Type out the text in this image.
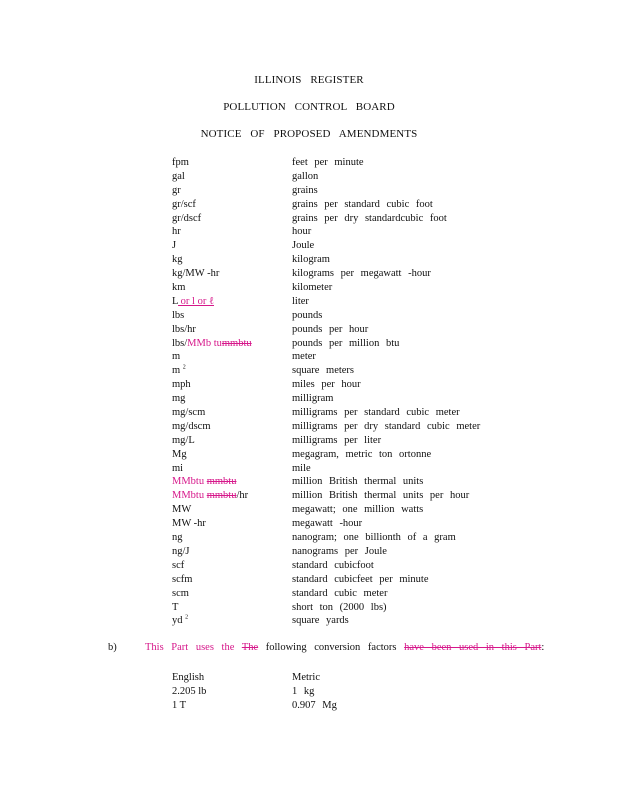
ILLINOIS REGISTER
POLLUTION CONTROL BOARD
NOTICE OF PROPOSED AMENDMENTS
fpm	feet per minute
gal	gallon
gr	grains
gr/scf	grains per standard cubic foot
gr/dscf	grains per dry standardcubic foot
hr	hour
J	Joule
kg	kilogram
kg/MW -hr	kilograms per megawatt -hour
km	kilometer
L or l or ℓ	liter
lbs	pounds
lbs/hr	pounds per hour
lbs/MMb tummbtu	pounds per million btu
m	meter
m $^2$	square meters
mph	miles per hour
mg	milligram
mg/scm	milligrams per standard cubic meter
mg/dscm	milligrams per dry standard cubic meter
mg/L	milligrams per liter
Mg	megagram, metric ton ortonne
mi	mile
MMbtu mmbtu	million British thermal units
MMbtu mmbtu/hr	million British thermal units per hour
MW	megawatt; one million watts
MW -hr	megawatt -hour
ng	nanogram; one billionth of a gram
ng/J	nanograms per Joule
scf	standard cubicfoot
scfm	standard cubicfeet per minute
scm	standard cubic meter
T	short ton (2000 lbs)
yd $^2$	square yards
b)	This Part uses the The following conversion factors have been used in this Part:
English	Metric
2.205 lb	1 kg
1 T	0.907 Mg
